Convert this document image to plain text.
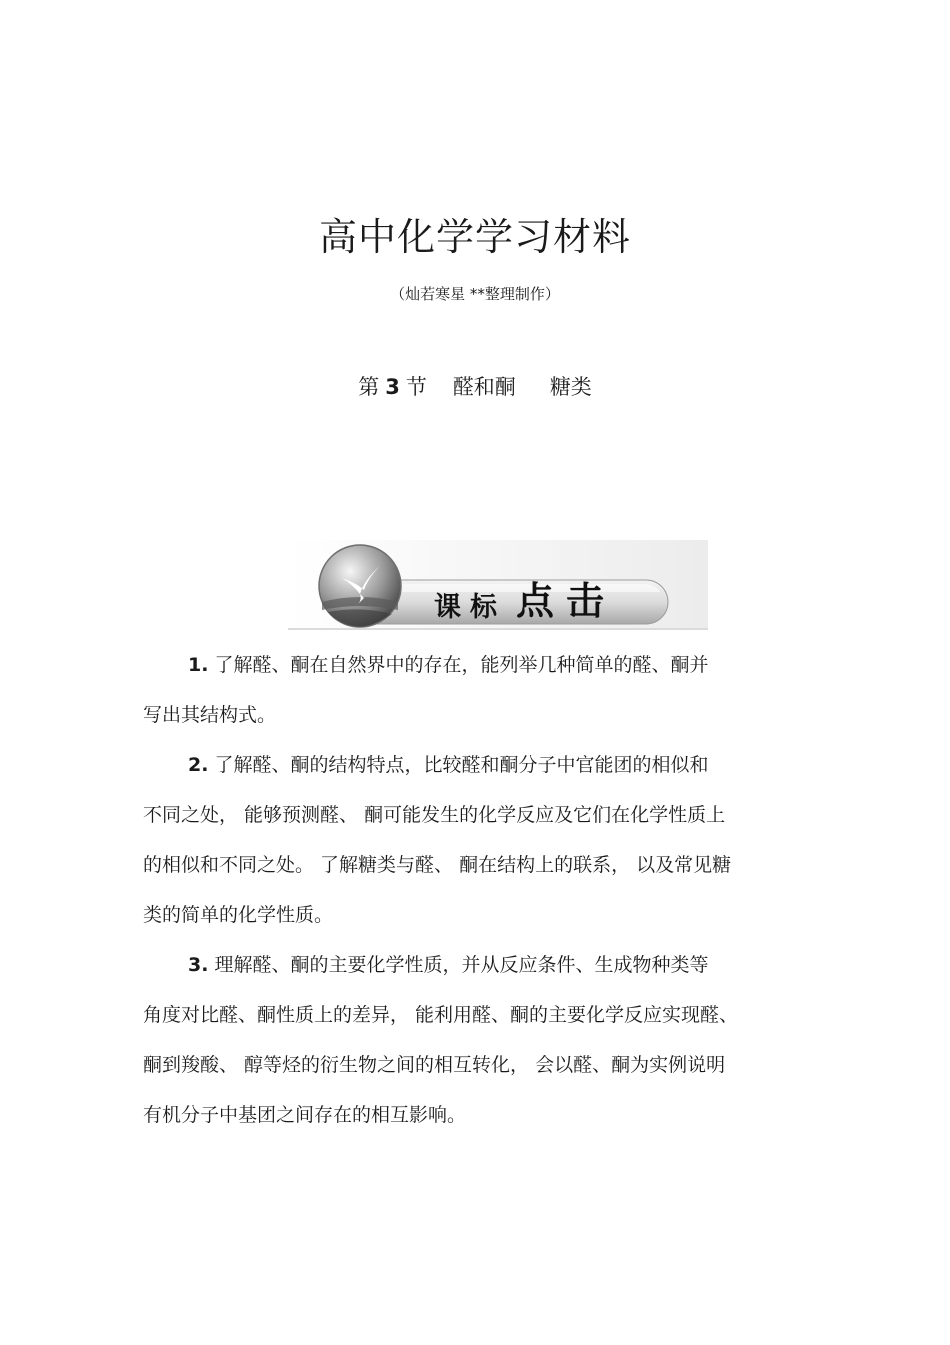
高中化学学习材料
（灿若寒星 **整理制作）
第 3 节 醛和酮 糖类
课 标 点 击

1. 了解醛、酮在自然界中的存在，能列举几种简单的醛、酮并

写出其结构式。

2. 了解醛、酮的结构特点，比较醛和酮分子中官能团的相似和

不同之处， 能够预测醛、 酮可能发生的化学反应及它们在化学性质上

的相似和不同之处。 了解糖类与醛、 酮在结构上的联系， 以及常见糖

类的简单的化学性质。

3. 理解醛、酮的主要化学性质，并从反应条件、生成物种类等

角度对比醛、酮性质上的差异， 能利用醛、酮的主要化学反应实现醛、

酮到羧酸、 醇等烃的衍生物之间的相互转化， 会以醛、酮为实例说明

有机分子中基团之间存在的相互影响。
